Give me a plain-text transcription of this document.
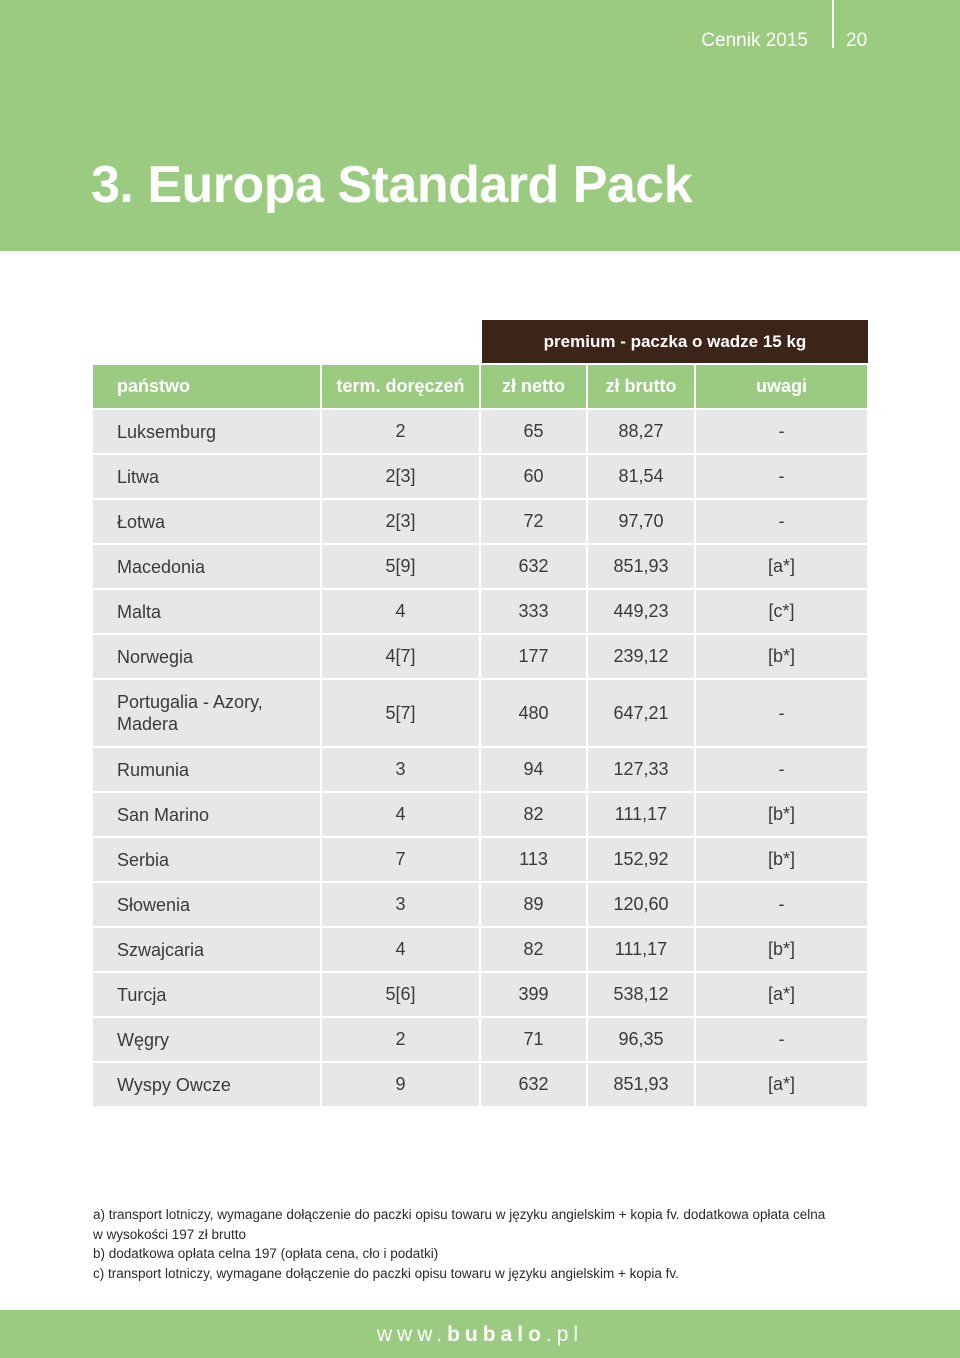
Cennik 2015 20
3. Europa Standard Pack
premium - paczka o wadze 15 kg
państwo	term. doręczeń	zł netto	zł brutto	uwagi
Luksemburg	2	65	88,27	-
Litwa	2[3]	60	81,54	-
Łotwa	2[3]	72	97,70	-
Macedonia	5[9]	632	851,93	[a*]
Malta	4	333	449,23	[c*]
Norwegia	4[7]	177	239,12	[b*]
Portugalia - Azory,
Madera	5[7]	480	647,21	-
Rumunia	3	94	127,33	-
San Marino	4	82	111,17	[b*]
Serbia	7	113	152,92	[b*]
Słowenia	3	89	120,60	-
Szwajcaria	4	82	111,17	[b*]
Turcja	5[6]	399	538,12	[a*]
Węgry	2	71	96,35	-
Wyspy Owcze	9	632	851,93	[a*]

a) transport lotniczy, wymagane dołączenie do paczki opisu towaru w języku angielskim + kopia fv. dodatkowa opłata celna w wysokości 197 zł brutto

b) dodatkowa opłata celna 197 (opłata cena, cło i podatki)

c) transport lotniczy, wymagane dołączenie do paczki opisu towaru w języku angielskim + kopia fv.

www.bubalo.pl
